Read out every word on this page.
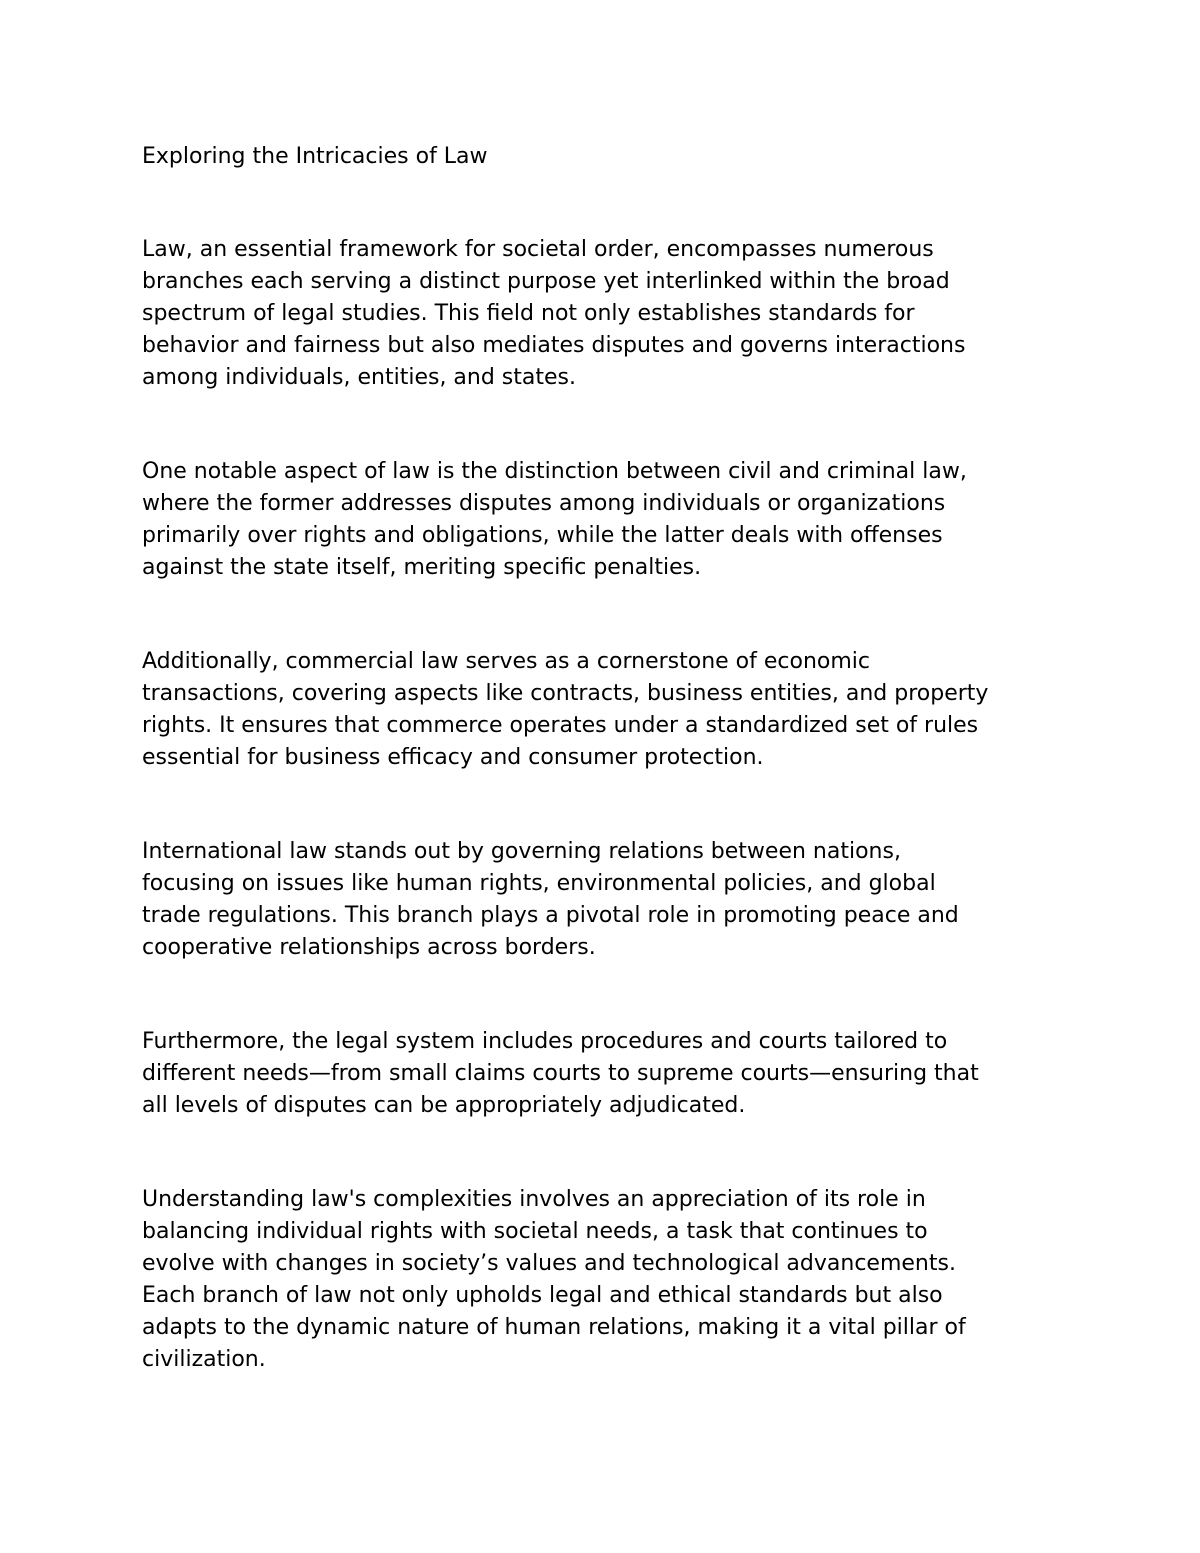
Exploring the Intricacies of Law

Law, an essential framework for societal order, encompasses numerous
branches each serving a distinct purpose yet interlinked within the broad
spectrum of legal studies. This field not only establishes standards for
behavior and fairness but also mediates disputes and governs interactions
among individuals, entities, and states.

One notable aspect of law is the distinction between civil and criminal law,
where the former addresses disputes among individuals or organizations
primarily over rights and obligations, while the latter deals with offenses
against the state itself, meriting specific penalties.

Additionally, commercial law serves as a cornerstone of economic
transactions, covering aspects like contracts, business entities, and property
rights. It ensures that commerce operates under a standardized set of rules
essential for business efficacy and consumer protection.

International law stands out by governing relations between nations,
focusing on issues like human rights, environmental policies, and global
trade regulations. This branch plays a pivotal role in promoting peace and
cooperative relationships across borders.

Furthermore, the legal system includes procedures and courts tailored to
different needs—from small claims courts to supreme courts—ensuring that
all levels of disputes can be appropriately adjudicated.

Understanding law's complexities involves an appreciation of its role in
balancing individual rights with societal needs, a task that continues to
evolve with changes in society’s values and technological advancements.
Each branch of law not only upholds legal and ethical standards but also
adapts to the dynamic nature of human relations, making it a vital pillar of
civilization.
